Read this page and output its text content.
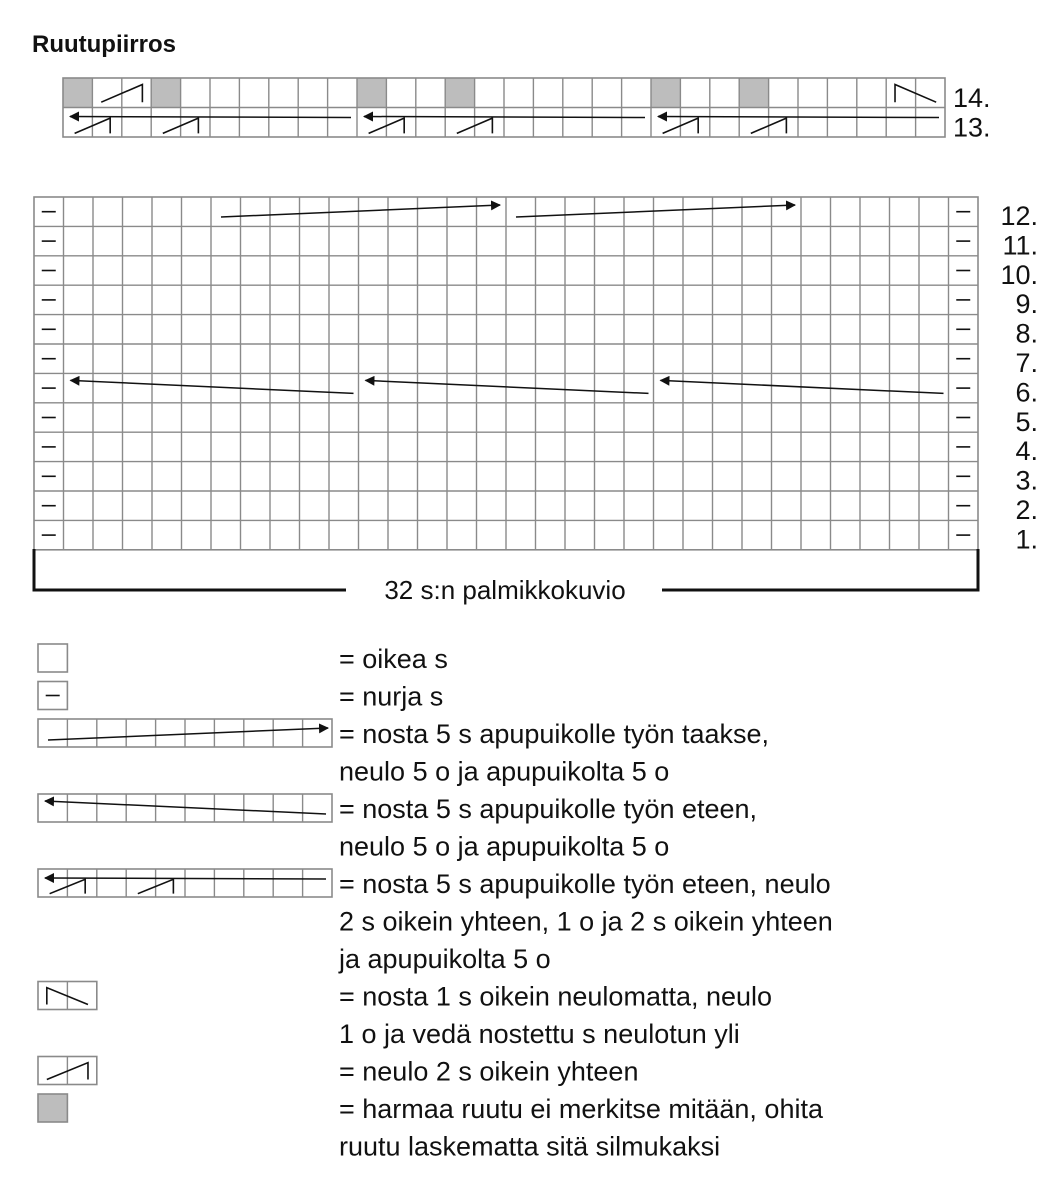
Ruutupiirros
14.
13.
12.
11.
10.
9.
8.
7.
6.
5.
4.
3.
2.
1.
32 s:n palmikkokuvio
= oikea s
= nurja s
= nosta 5 s apupuikolle työn taakse,
neulo 5 o ja apupuikolta 5 o
= nosta 5 s apupuikolle työn eteen,
neulo 5 o ja apupuikolta 5 o
= nosta 5 s apupuikolle työn eteen, neulo
2 s oikein yhteen, 1 o ja 2 s oikein yhteen
ja apupuikolta 5 o
= nosta 1 s oikein neulomatta, neulo
1 o ja vedä nostettu s neulotun yli
= neulo 2 s oikein yhteen
= harmaa ruutu ei merkitse mitään, ohita
ruutu laskematta sitä silmukaksi
